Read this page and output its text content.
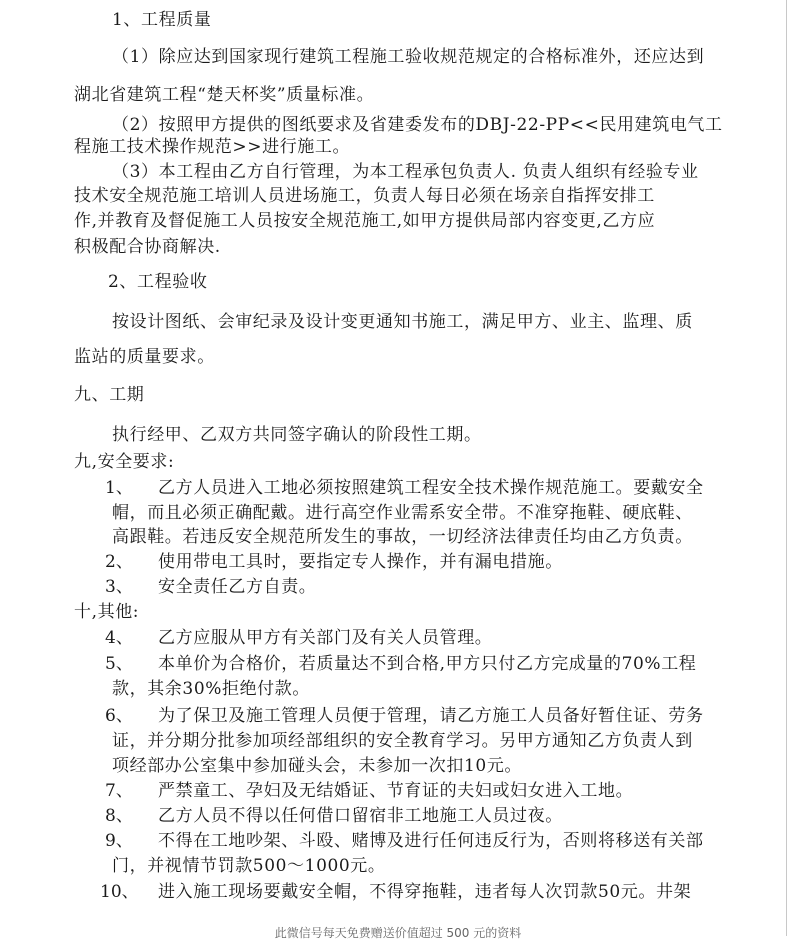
1、工程质量
（1）除应达到国家现行建筑工程施工验收规范规定的合格标准外，还应达到
湖北省建筑工程“楚天杯奖”质量标准。
（2）按照甲方提供的图纸要求及省建委发布的DBJ-22-PP<<民用建筑电气工
程施工技术操作规范>>进行施工。
（3）本工程由乙方自行管理，为本工程承包负责人. 负责人组织有经验专业
技术安全规范施工培训人员进场施工，负责人每日必须在场亲自指挥安排工
作,并教育及督促施工人员按安全规范施工,如甲方提供局部内容变更,乙方应
积极配合协商解决.
2、工程验收
按设计图纸、会审纪录及设计变更通知书施工，满足甲方、业主、监理、质
监站的质量要求。
九、工期
执行经甲、乙双方共同签字确认的阶段性工期。
九,安全要求:
1、 乙方人员进入工地必须按照建筑工程安全技术操作规范施工。要戴安全
帽，而且必须正确配戴。进行高空作业需系安全带。不准穿拖鞋、硬底鞋、
高跟鞋。若违反安全规范所发生的事故，一切经济法律责任均由乙方负责。
2、 使用带电工具时，要指定专人操作，并有漏电措施。
3、 安全责任乙方自责。
十,其他:
4、 乙方应服从甲方有关部门及有关人员管理。
5、 本单价为合格价，若质量达不到合格,甲方只付乙方完成量的70%工程
款，其余30%拒绝付款。
6、 为了保卫及施工管理人员便于管理，请乙方施工人员备好暂住证、劳务
证，并分期分批参加项经部组织的安全教育学习。另甲方通知乙方负责人到
项经部办公室集中参加碰头会，未参加一次扣10元。
7、 严禁童工、孕妇及无结婚证、节育证的夫妇或妇女进入工地。
8、 乙方人员不得以任何借口留宿非工地施工人员过夜。
9、 不得在工地吵架、斗殴、赌博及进行任何违反行为，否则将移送有关部
门，并视情节罚款500～1000元。
10、 进入施工现场要戴安全帽，不得穿拖鞋，违者每人次罚款50元。井架
此微信号每天免费赠送价值超过 500 元的资料
